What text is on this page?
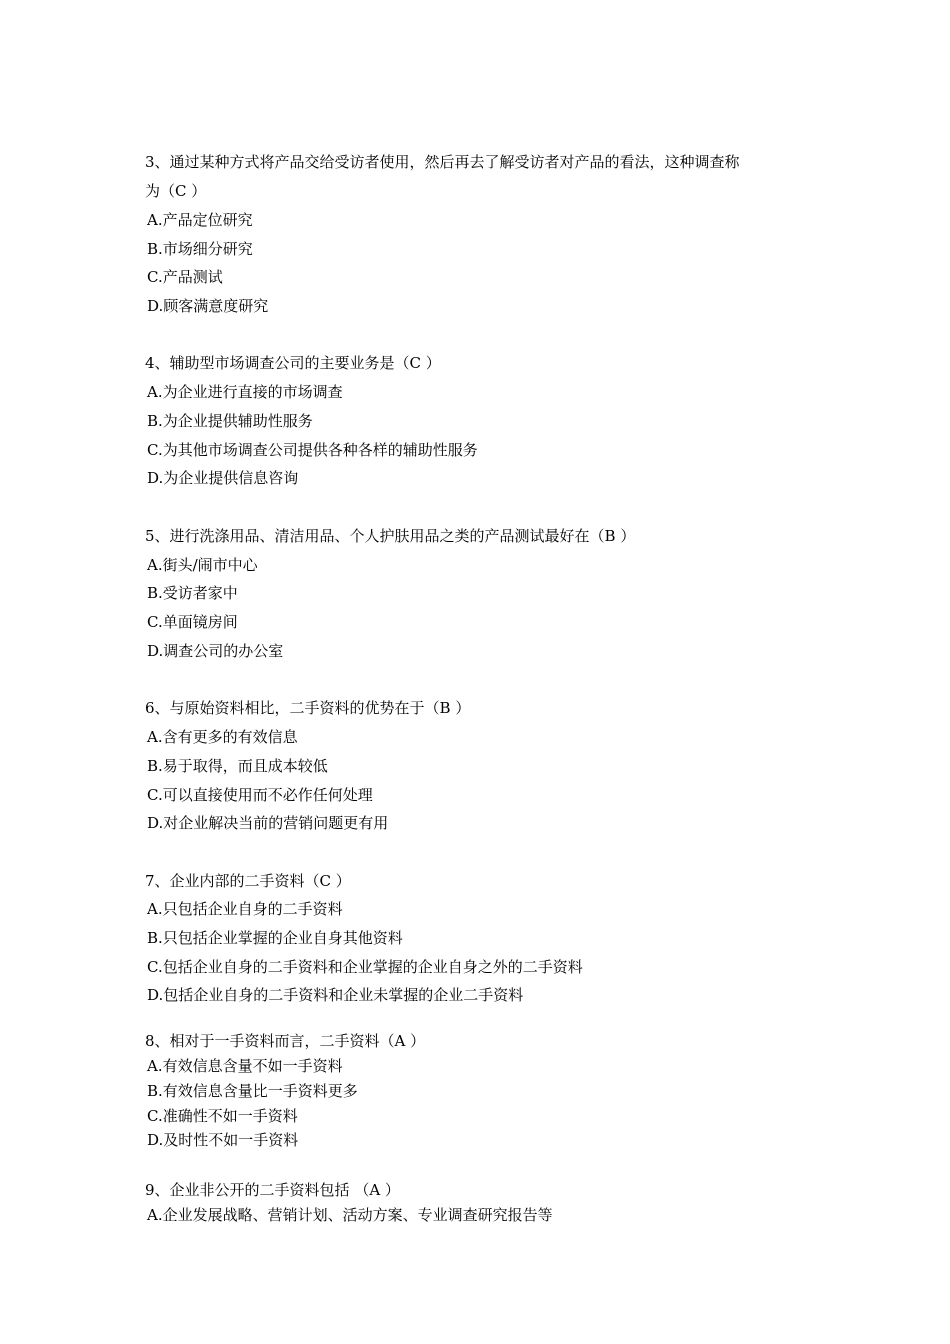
3、通过某种方式将产品交给受访者使用，然后再去了解受访者对产品的看法，这种调查称
为（C ）
A.产品定位研究
B.市场细分研究
C.产品测试
D.顾客满意度研究
4、辅助型市场调查公司的主要业务是（C ）
A.为企业进行直接的市场调查
B.为企业提供辅助性服务
C.为其他市场调查公司提供各种各样的辅助性服务
D.为企业提供信息咨询
5、进行洗涤用品、清洁用品、个人护肤用品之类的产品测试最好在（B ）
A.街头/闹市中心
B.受访者家中
C.单面镜房间
D.调查公司的办公室
6、与原始资料相比，二手资料的优势在于（B ）
A.含有更多的有效信息
B.易于取得，而且成本较低
C.可以直接使用而不必作任何处理
D.对企业解决当前的营销问题更有用
7、企业内部的二手资料（C ）
A.只包括企业自身的二手资料
B.只包括企业掌握的企业自身其他资料
C.包括企业自身的二手资料和企业掌握的企业自身之外的二手资料
D.包括企业自身的二手资料和企业未掌握的企业二手资料
8、相对于一手资料而言，二手资料（A ）
A.有效信息含量不如一手资料
B.有效信息含量比一手资料更多
C.准确性不如一手资料
D.及时性不如一手资料
9、企业非公开的二手资料包括 （A ）
A.企业发展战略、营销计划、活动方案、专业调查研究报告等
